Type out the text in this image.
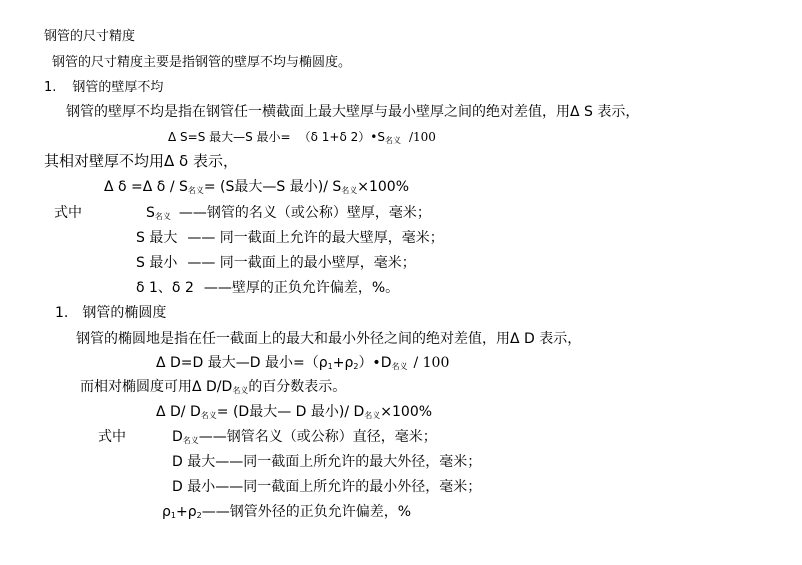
钢管的尺寸精度
钢管的尺寸精度主要是指钢管的壁厚不均与椭圆度。
1. 钢管的壁厚不均
钢管的壁厚不均是指在钢管任一横截面上最大壁厚与最小壁厚之间的绝对差值，用Δ S 表示，
Δ S=S 最大—S 最小= （δ 1+δ 2）•S名义 /100
其相对壁厚不均用Δ δ 表示，
Δ δ =Δ δ / S名义= (S最大—S 最小)/ S名义×100%
式中	S名义 ——钢管的名义（或公称）壁厚，毫米；
S 最大 —— 同一截面上允许的最大壁厚，毫米；
S 最小 —— 同一截面上的最小壁厚，毫米；
δ 1、δ 2 ——壁厚的正负允许偏差，%。
1. 钢管的椭圆度
钢管的椭圆地是指在任一截面上的最大和最小外径之间的绝对差值，用Δ D 表示，
Δ D=D 最大—D 最小=（ρ1+ρ2）•D名义 / 100
而相对椭圆度可用Δ D/D名义的百分数表示。
Δ D/ D名义= (D最大— D 最小)/ D名义×100%
式中	D名义——钢管名义（或公称）直径，毫米；
D 最大——同一截面上所允许的最大外径，毫米；
D 最小——同一截面上所允许的最小外径，毫米；
ρ1+ρ2——钢管外径的正负允许偏差，%
